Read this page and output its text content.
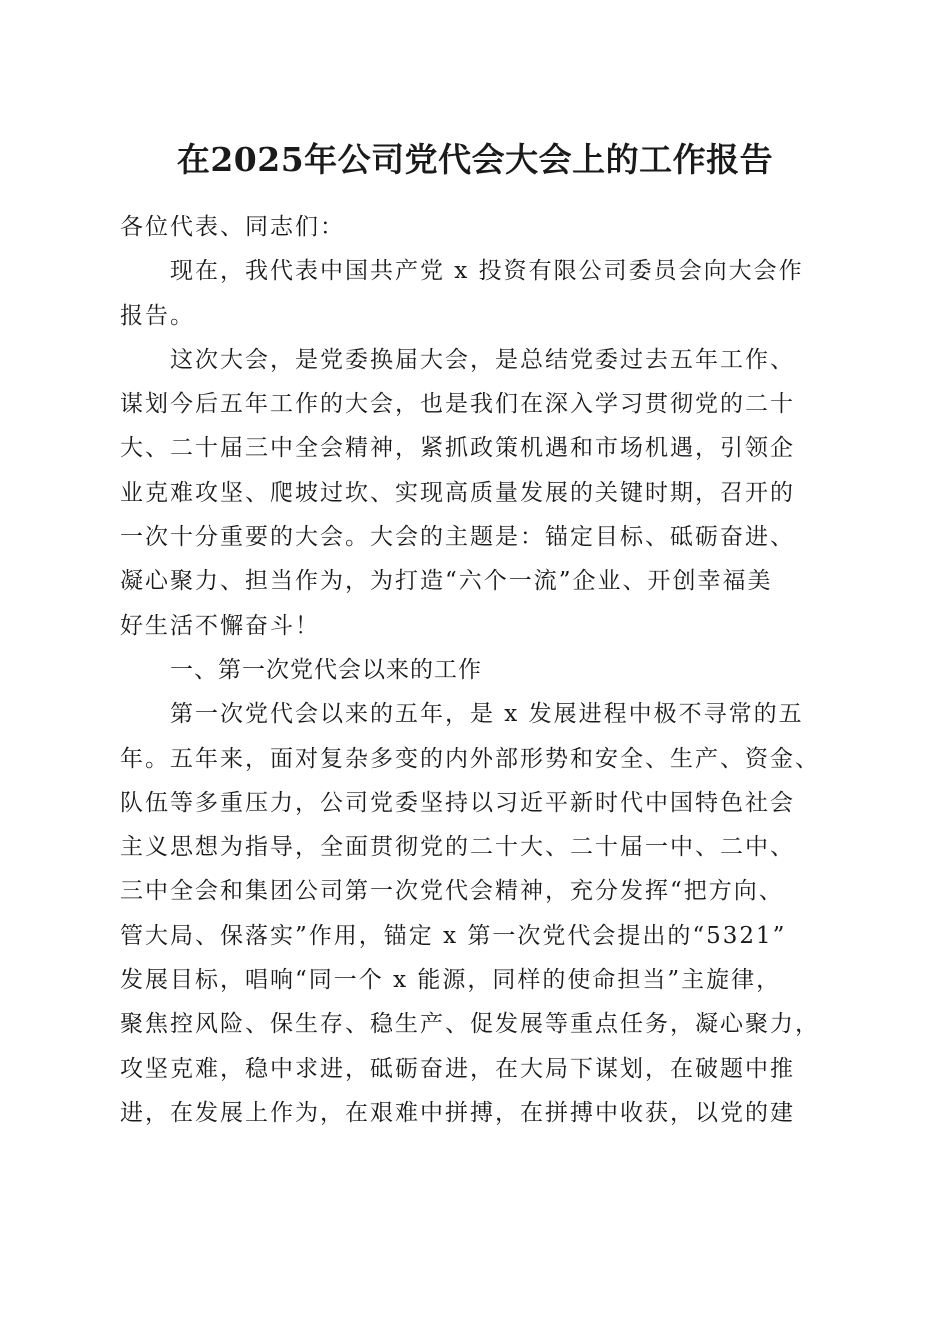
在2025年公司党代会大会上的工作报告

各位代表、同志们：

现在，我代表中国共产党 x 投资有限公司委员会向大会作
报告。

这次大会，是党委换届大会，是总结党委过去五年工作、
谋划今后五年工作的大会，也是我们在深入学习贯彻党的二十
大、二十届三中全会精神，紧抓政策机遇和市场机遇，引领企
业克难攻坚、爬坡过坎、实现高质量发展的关键时期，召开的
一次十分重要的大会。大会的主题是：锚定目标、砥砺奋进、
凝心聚力、担当作为，为打造“六个一流”企业、开创幸福美
好生活不懈奋斗！

一、第一次党代会以来的工作

第一次党代会以来的五年，是 x 发展进程中极不寻常的五
年。五年来，面对复杂多变的内外部形势和安全、生产、资金、
队伍等多重压力，公司党委坚持以习近平新时代中国特色社会
主义思想为指导，全面贯彻党的二十大、二十届一中、二中、
三中全会和集团公司第一次党代会精神，充分发挥“把方向、
管大局、保落实”作用，锚定 x 第一次党代会提出的“5321”
发展目标，唱响“同一个 x 能源，同样的使命担当”主旋律，
聚焦控风险、保生存、稳生产、促发展等重点任务，凝心聚力，
攻坚克难，稳中求进，砥砺奋进，在大局下谋划，在破题中推
进，在发展上作为，在艰难中拼搏，在拼搏中收获，以党的建
